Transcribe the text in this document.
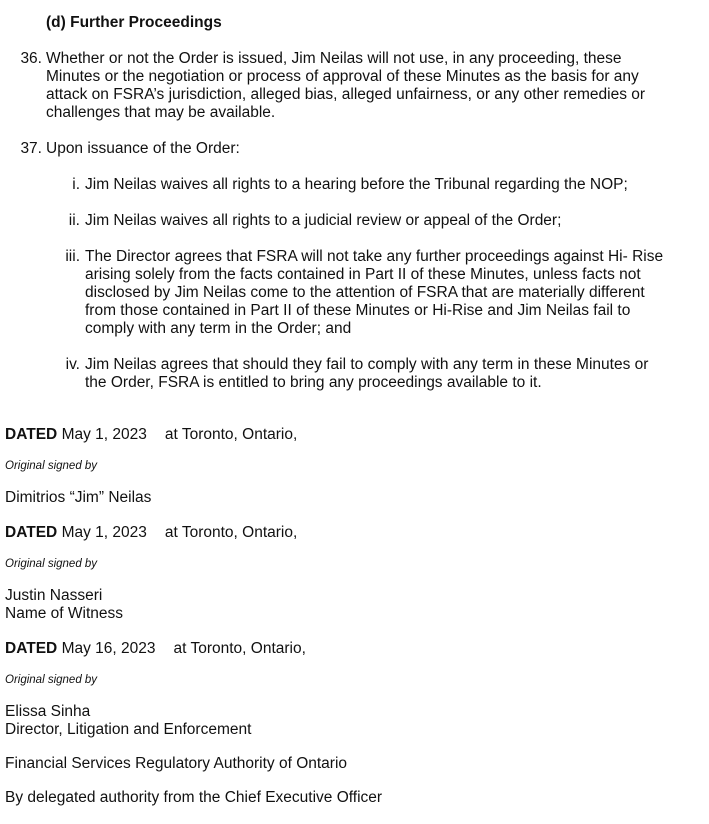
(d) Further Proceedings
36. Whether or not the Order is issued, Jim Neilas will not use, in any proceeding, these
Minutes or the negotiation or process of approval of these Minutes as the basis for any
attack on FSRA’s jurisdiction, alleged bias, alleged unfairness, or any other remedies or
challenges that may be available.
37. Upon issuance of the Order:
i. Jim Neilas waives all rights to a hearing before the Tribunal regarding the NOP;
ii. Jim Neilas waives all rights to a judicial review or appeal of the Order;
iii. The Director agrees that FSRA will not take any further proceedings against Hi- Rise
arising solely from the facts contained in Part II of these Minutes, unless facts not
disclosed by Jim Neilas come to the attention of FSRA that are materially different
from those contained in Part II of these Minutes or Hi-Rise and Jim Neilas fail to
comply with any term in the Order; and
iv. Jim Neilas agrees that should they fail to comply with any term in these Minutes or
the Order, FSRA is entitled to bring any proceedings available to it.
DATED May 1, 2023 at Toronto, Ontario,
Original signed by
Dimitrios “Jim” Neilas
DATED May 1, 2023 at Toronto, Ontario,
Original signed by
Justin Nasseri
Name of Witness
DATED May 16, 2023 at Toronto, Ontario,
Original signed by
Elissa Sinha
Director, Litigation and Enforcement
Financial Services Regulatory Authority of Ontario
By delegated authority from the Chief Executive Officer
